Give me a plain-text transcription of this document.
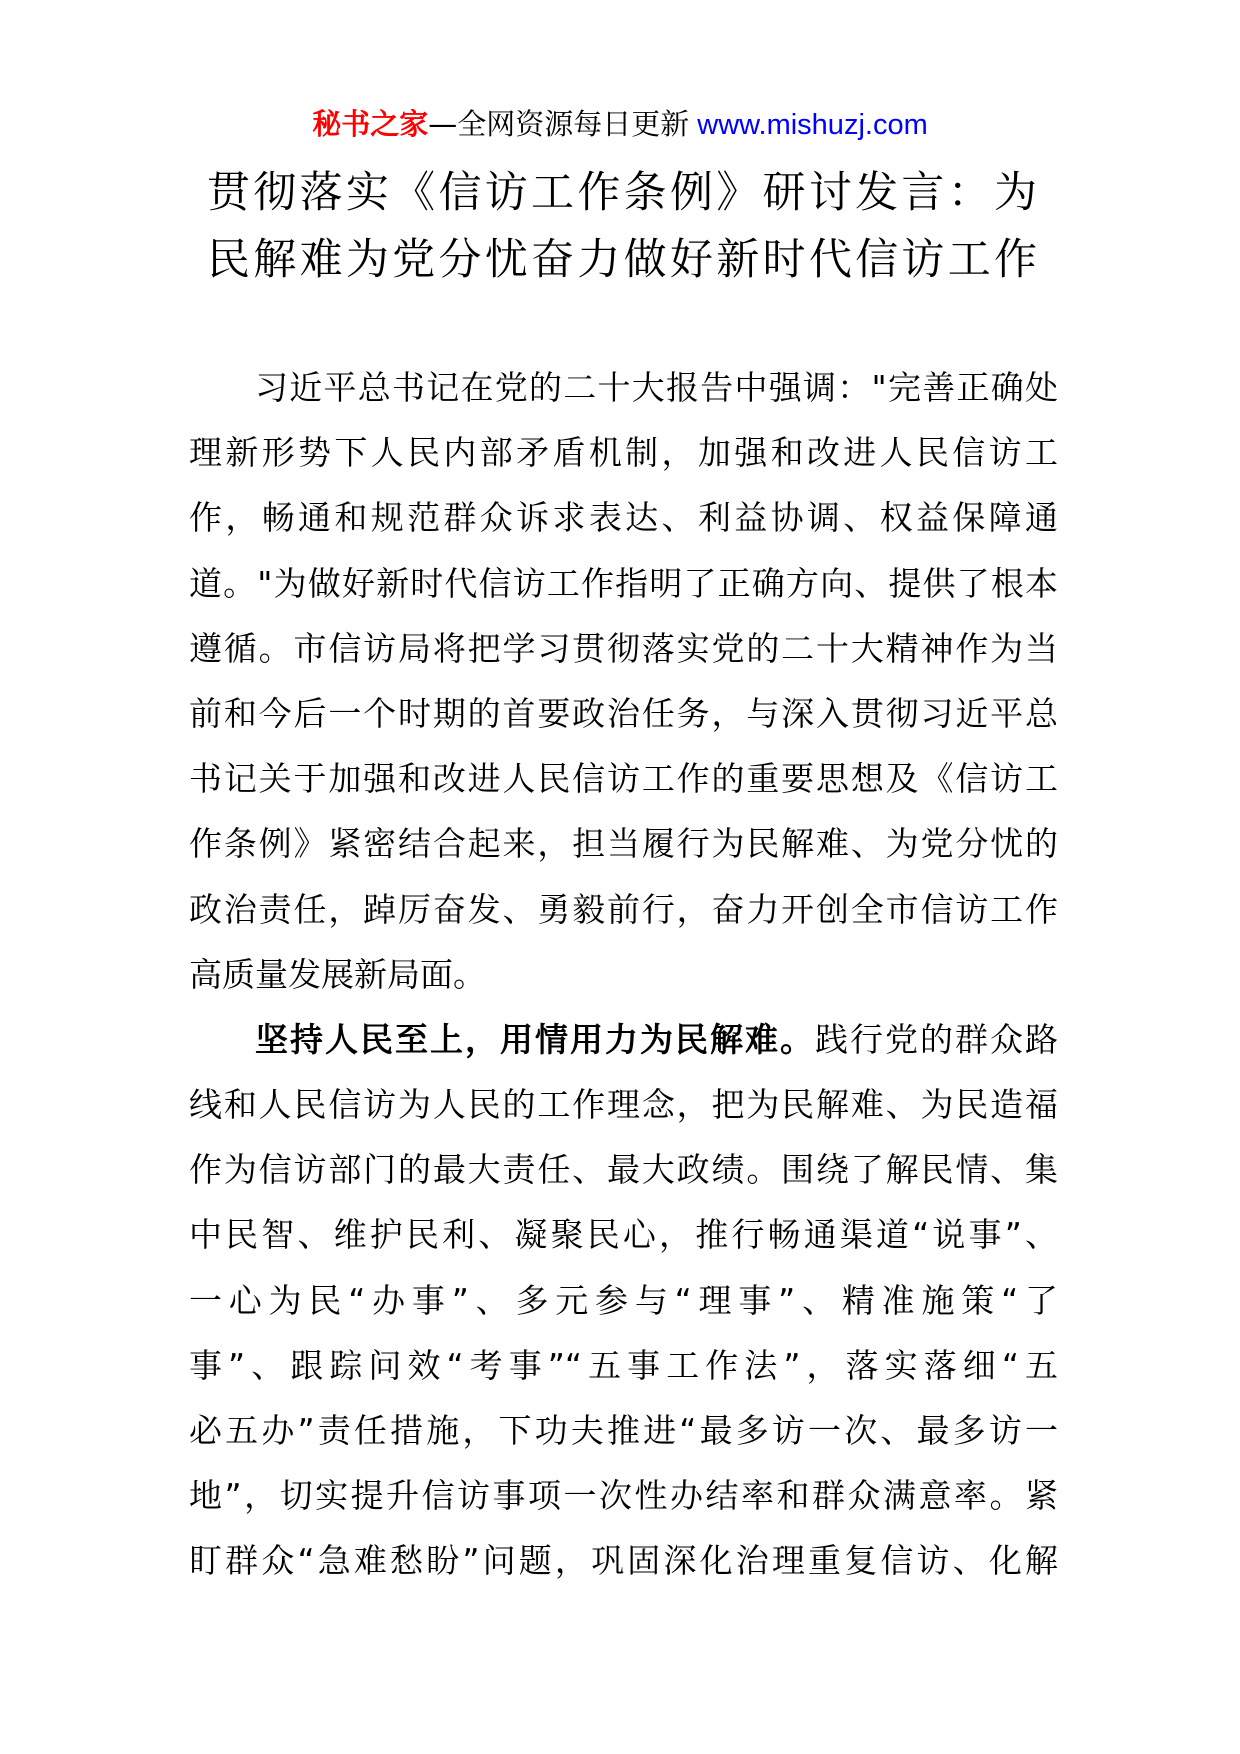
秘书之家—全网资源每日更新 www.mishuzj.com
贯彻落实《信访工作条例》研讨发言：为
民解难为党分忧奋力做好新时代信访工作
习近平总书记在党的二十大报告中强调："完善正确处
理新形势下人民内部矛盾机制，加强和改进人民信访工
作，畅通和规范群众诉求表达、利益协调、权益保障通
道。"为做好新时代信访工作指明了正确方向、提供了根本
遵循。市信访局将把学习贯彻落实党的二十大精神作为当
前和今后一个时期的首要政治任务，与深入贯彻习近平总
书记关于加强和改进人民信访工作的重要思想及《信访工
作条例》紧密结合起来，担当履行为民解难、为党分忧的
政治责任，踔厉奋发、勇毅前行，奋力开创全市信访工作
高质量发展新局面。
坚持人民至上，用情用力为民解难。践行党的群众路
线和人民信访为人民的工作理念，把为民解难、为民造福
作为信访部门的最大责任、最大政绩。围绕了解民情、集
中民智、维护民利、凝聚民心，推行畅通渠道“说事”、
一心为民“办事”、多元参与“理事”、精准施策“了
事”、跟踪问效“考事”“五事工作法”，落实落细“五
必五办”责任措施，下功夫推进“最多访一次、最多访一
地”，切实提升信访事项一次性办结率和群众满意率。紧
盯群众“急难愁盼”问题，巩固深化治理重复信访、化解
